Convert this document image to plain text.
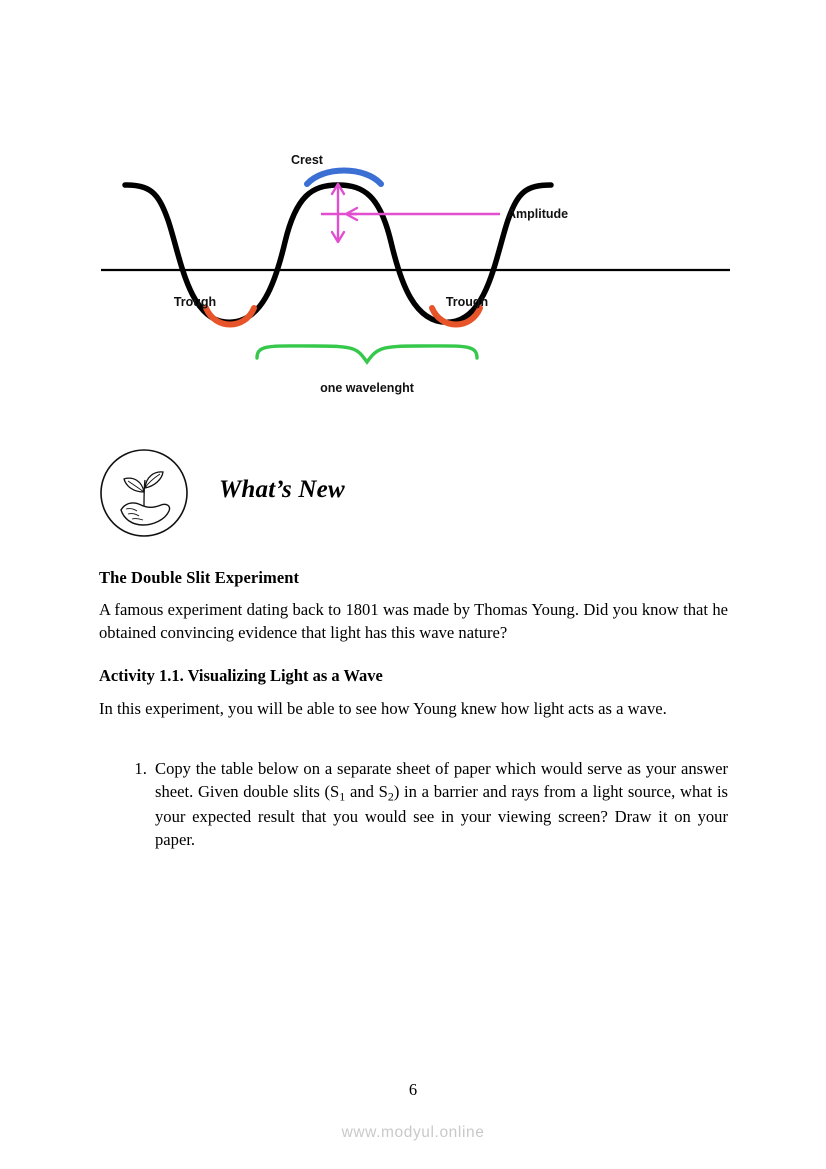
Crest
Amplitude
Trough	Trough
one wavelenght
What’s New
The Double Slit Experiment

A famous experiment dating back to 1801 was made by Thomas Young. Did you know that he obtained convincing evidence that light has this wave nature?

Activity 1.1. Visualizing Light as a Wave

In this experiment, you will be able to see how Young knew how light acts as a wave.

1. Copy the table below on a separate sheet of paper which would serve as your answer sheet. Given double slits ($S_1$ and $S_2$) in a barrier and rays from a light source, what is your expected result that you would see in your viewing screen? Draw it on your paper.
6
www.modyul.online
